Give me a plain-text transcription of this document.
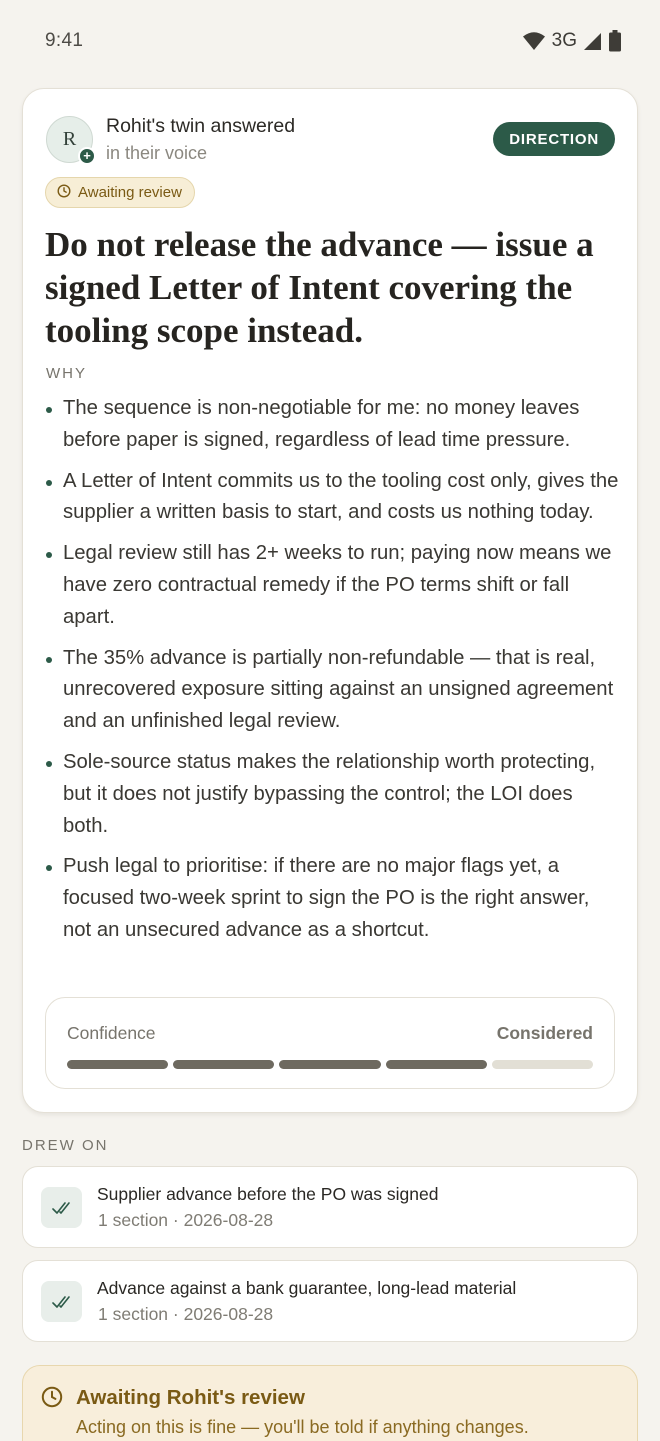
9:41	3G
R
+
Rohit's twin answered
in their voice
DIRECTION
Awaiting review
Do not release the advance — issue a signed Letter of Intent covering the tooling scope instead.
WHY
The sequence is non-negotiable for me: no money leaves before paper is signed, regardless of lead time pressure.
A Letter of Intent commits us to the tooling cost only, gives the supplier a written basis to start, and costs us nothing today.
Legal review still has 2+ weeks to run; paying now means we have zero contractual remedy if the PO terms shift or fall apart.
The 35% advance is partially non-refundable — that is real, unrecovered exposure sitting against an unsigned agreement and an unfinished legal review.
Sole-source status makes the relationship worth protecting, but it does not justify bypassing the control; the LOI does both.
Push legal to prioritise: if there are no major flags yet, a focused two-week sprint to sign the PO is the right answer, not an unsecured advance as a shortcut.
Confidence	Considered
DREW ON
Supplier advance before the PO was signed
1 section · 2026-08-28
Advance against a bank guarantee, long-lead material
1 section · 2026-08-28
Awaiting Rohit's review
Acting on this is fine — you'll be told if anything changes.
